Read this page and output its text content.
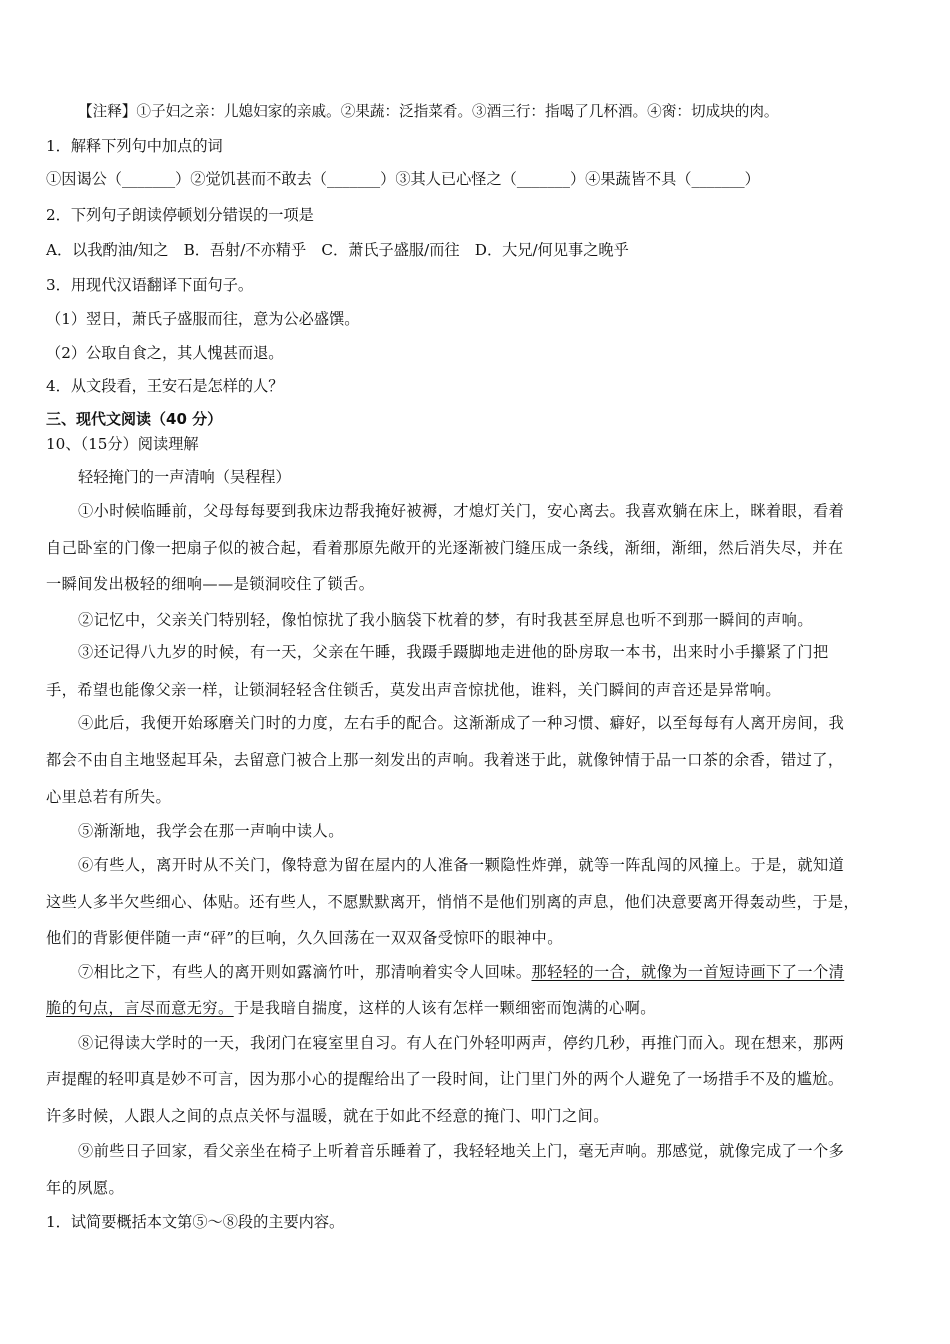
【注释】①子妇之亲：儿媳妇家的亲戚。②果蔬：泛指菜肴。③酒三行：指喝了几杯酒。④脔：切成块的肉。
1．解释下列句中加点的词
①因谒公（_______）②觉饥甚而不敢去（_______）③其人已心怪之（_______）④果蔬皆不具（_______）
2．下列句子朗读停顿划分错误的一项是
A．以我酌油/知之　B．吾射/不亦精乎　C．萧氏子盛服/而往　D．大兄/何见事之晚乎
3．用现代汉语翻译下面句子。
（1）翌日，萧氏子盛服而往，意为公必盛馔。
（2）公取自食之，其人愧甚而退。
4．从文段看，王安石是怎样的人？
三、现代文阅读（40 分）
10、（15分）阅读理解
轻轻掩门的一声清响（吴程程）
①小时候临睡前，父母每每要到我床边帮我掩好被褥，才熄灯关门，安心离去。我喜欢躺在床上，眯着眼，看着
自己卧室的门像一把扇子似的被合起，看着那原先敞开的光逐渐被门缝压成一条线，渐细，渐细，然后消失尽，并在
一瞬间发出极轻的细响——是锁洞咬住了锁舌。
②记忆中，父亲关门特别轻，像怕惊扰了我小脑袋下枕着的梦，有时我甚至屏息也听不到那一瞬间的声响。
③还记得八九岁的时候，有一天，父亲在午睡，我蹑手蹑脚地走进他的卧房取一本书，出来时小手攥紧了门把
手，希望也能像父亲一样，让锁洞轻轻含住锁舌，莫发出声音惊扰他，谁料，关门瞬间的声音还是异常响。
④此后，我便开始琢磨关门时的力度，左右手的配合。这渐渐成了一种习惯、癖好，以至每每有人离开房间，我
都会不由自主地竖起耳朵，去留意门被合上那一刻发出的声响。我着迷于此，就像钟情于品一口茶的余香，错过了，
心里总若有所失。
⑤渐渐地，我学会在那一声响中读人。
⑥有些人，离开时从不关门，像特意为留在屋内的人准备一颗隐性炸弹，就等一阵乱闯的风撞上。于是，就知道
这些人多半欠些细心、体贴。还有些人，不愿默默离开，悄悄不是他们别离的声息，他们决意要离开得轰动些，于是，
他们的背影便伴随一声“砰”的巨响，久久回荡在一双双备受惊吓的眼神中。
⑦相比之下，有些人的离开则如露滴竹叶，那清响着实令人回味。那轻轻的一合，就像为一首短诗画下了一个清
脆的句点，言尽而意无穷。于是我暗自揣度，这样的人该有怎样一颗细密而饱满的心啊。
⑧记得读大学时的一天，我闭门在寝室里自习。有人在门外轻叩两声，停约几秒，再推门而入。现在想来，那两
声提醒的轻叩真是妙不可言，因为那小心的提醒给出了一段时间，让门里门外的两个人避免了一场措手不及的尴尬。
许多时候，人跟人之间的点点关怀与温暖，就在于如此不经意的掩门、叩门之间。
⑨前些日子回家，看父亲坐在椅子上听着音乐睡着了，我轻轻地关上门，毫无声响。那感觉，就像完成了一个多
年的夙愿。
1．试简要概括本文第⑤～⑧段的主要内容。
